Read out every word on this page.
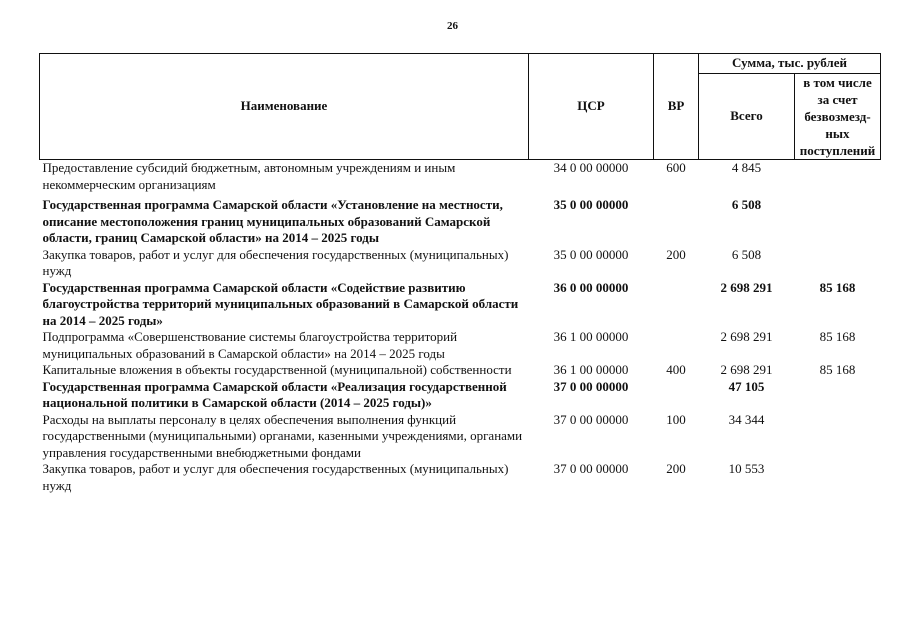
26
Наименование	ЦСР	ВР	Сумма, тыс. рублей	
			Всего	в том числе за счет безвозмезд-ных поступлений
Предоставление субсидий бюджетным, автономным учреждениям и иным некоммерческим организациям	34 0 00 00000	600	4 845	
Государственная программа Самарской области «Установление на местности, описание местоположения границ муниципальных образований Самарской области, границ Самарской области» на 2014 – 2025 годы	35 0 00 00000		6 508	
Закупка товаров, работ и услуг для обеспечения государственных (муниципальных) нужд	35 0 00 00000	200	6 508	
Государственная программа Самарской области «Содействие развитию благоустройства территорий муниципальных образований в Самарской области на 2014 – 2025 годы»	36 0 00 00000		2 698 291	85 168
Подпрограмма «Совершенствование системы благоустройства территорий муниципальных образований в Самарской области» на 2014 – 2025 годы	36 1 00 00000		2 698 291	85 168
Капитальные вложения в объекты государственной (муниципальной) собственности	36 1 00 00000	400	2 698 291	85 168
Государственная программа Самарской области «Реализация государственной национальной политики в Самарской области (2014 – 2025 годы)»	37 0 00 00000		47 105	
Расходы на выплаты персоналу в целях обеспечения выполнения функций государственными (муниципальными) органами, казенными учреждениями, органами управления государственными внебюджетными фондами	37 0 00 00000	100	34 344	
Закупка товаров, работ и услуг для обеспечения государственных (муниципальных) нужд	37 0 00 00000	200	10 553	
